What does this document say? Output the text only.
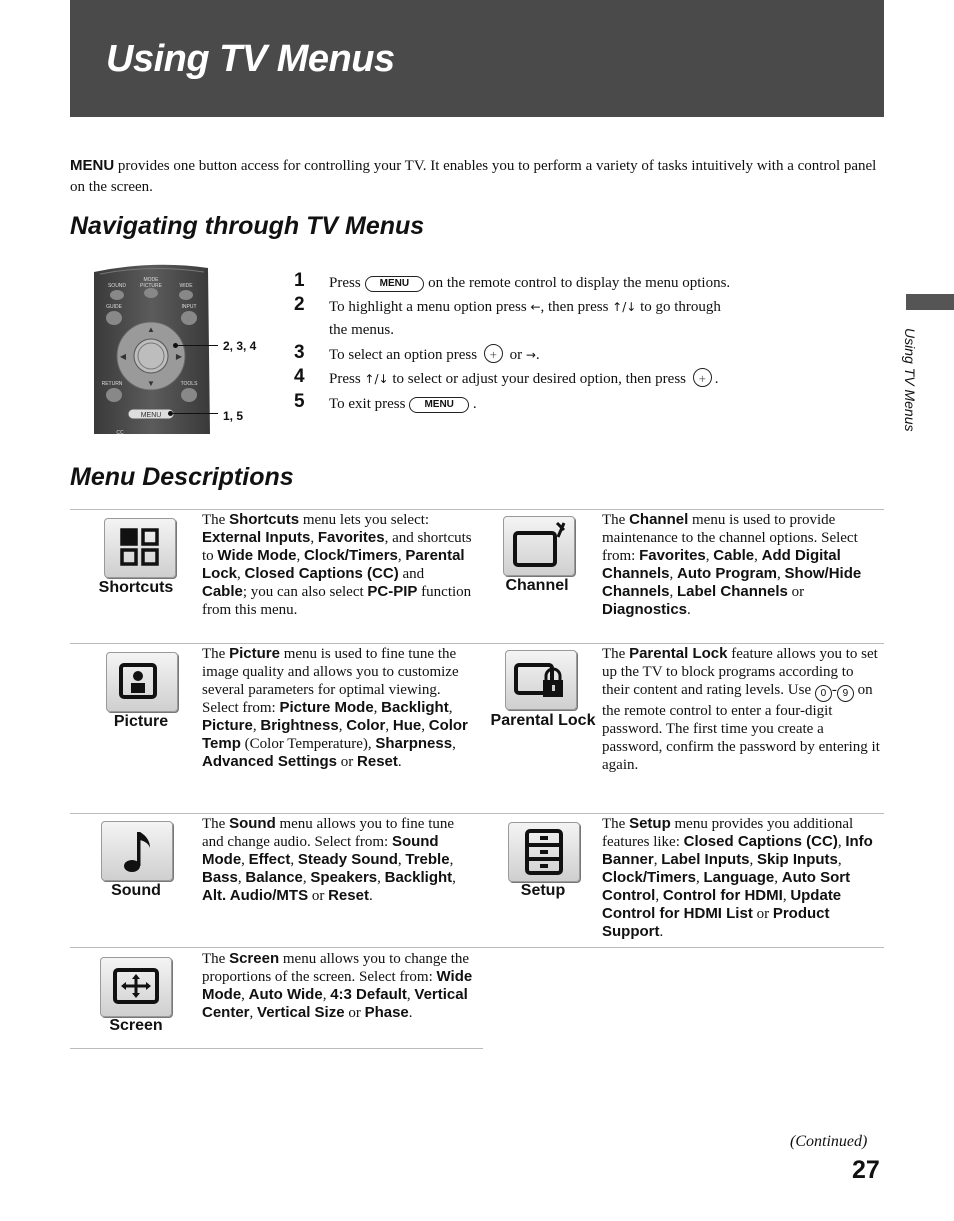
Using TV Menus
Using TV Menus
MENU provides one button access for controlling your TV. It enables you to perform a variety of tasks intuitively with a control panel on the screen.
Navigating through TV Menus
▲
▼
◀	▶
MODE
SOUND	PICTURE	WIDE
GUIDE	INPUT
RETURN	TOOLS
CC
MENU
2, 3, 4
1, 5
1 Press MENU on the remote control to display the menu options.
2 To highlight a menu option press ←, then press ↑/↓ to go through
the menus.
3 To select an option press + or →.
4 Press ↑/↓ to select or adjust your desired option, then press + .
5 To exit press MENU .
Menu Descriptions
Shortcuts
The Shortcuts menu lets you select: External Inputs, Favorites, and shortcuts to Wide Mode, Clock/Timers, Parental Lock, Closed Captions (CC) and Cable; you can also select PC-PIP function from this menu.
Channel
The Channel menu is used to provide maintenance to the channel options. Select from: Favorites, Cable, Add Digital Channels, Auto Program, Show/Hide Channels, Label Channels or Diagnostics.
Picture
The Picture menu is used to fine tune the image quality and allows you to customize several parameters for optimal viewing. Select from: Picture Mode, Backlight, Picture, Brightness, Color, Hue, Color Temp (Color Temperature), Sharpness, Advanced Settings or Reset.
Parental Lock
The Parental Lock feature allows you to set up the TV to block programs according to their content and rating levels. Use 0 - 9 on the remote control to enter a four-digit password. The first time you create a password, confirm the password by entering it again.
Sound
The Sound menu allows you to fine tune and change audio. Select from: Sound Mode, Effect, Steady Sound, Treble, Bass, Balance, Speakers, Backlight, Alt. Audio/MTS or Reset.	Setup
The Setup menu provides you additional features like: Closed Captions (CC), Info Banner, Label Inputs, Skip Inputs, Clock/Timers, Language, Auto Sort Control, Control for HDMI, Update Control for HDMI List or Product Support.
Screen
The Screen menu allows you to change the proportions of the screen. Select from: Wide Mode, Auto Wide, 4:3 Default, Vertical Center, Vertical Size or Phase.
(Continued)
27
